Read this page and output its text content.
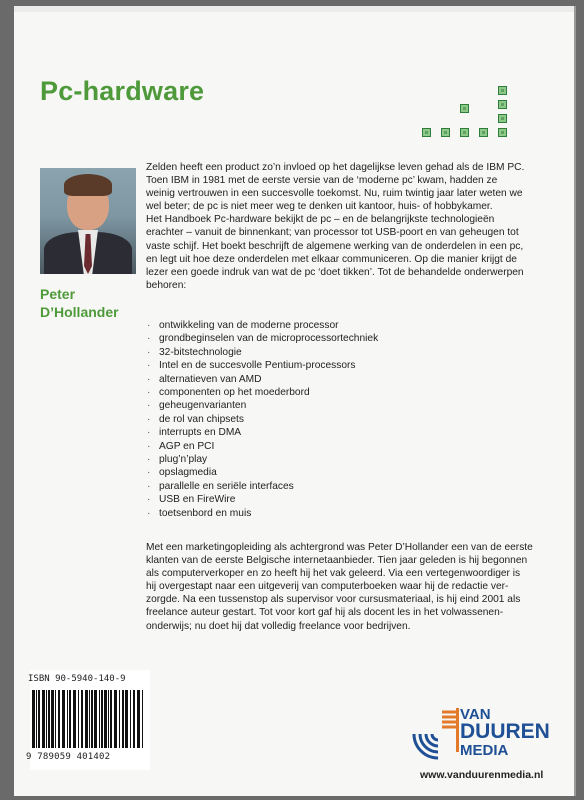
Pc-hardware
Peter
D’Hollander
Zelden heeft een product zo’n invloed op het dagelijkse leven gehad als de IBM PC.
Toen IBM in 1981 met de eerste versie van de ‘moderne pc’ kwam, hadden ze
weinig vertrouwen in een succesvolle toekomst. Nu, ruim twintig jaar later weten we
wel beter; de pc is niet meer weg te denken uit kantoor, huis- of hobbykamer.
Het Handboek Pc-hardware bekijkt de pc – en de belangrijkste technologieën
erachter – vanuit de binnenkant; van processor tot USB-poort en van geheugen tot
vaste schijf. Het boekt beschrijft de algemene werking van de onderdelen in een pc,
en legt uit hoe deze onderdelen met elkaar communiceren. Op die manier krijgt de
lezer een goede indruk van wat de pc ‘doet tikken’. Tot de behandelde onderwerpen
behoren:
· ontwikkeling van de moderne processor
· grondbeginselen van de microprocessortechniek
· 32-bitstechnologie
· Intel en de succesvolle Pentium-processors
· alternatieven van AMD
· componenten op het moederbord
· geheugenvarianten
· de rol van chipsets
· interrupts en DMA
· AGP en PCI
· plug’n’play
· opslagmedia
· parallelle en seriële interfaces
· USB en FireWire
· toetsenbord en muis
Met een marketingopleiding als achtergrond was Peter D’Hollander een van de eerste
klanten van de eerste Belgische internetaanbieder. Tien jaar geleden is hij begonnen
als computerverkoper en zo heeft hij het vak geleerd. Via een vertegenwoordiger is
hij overgestapt naar een uitgeverij van computerboeken waar hij de redactie ver-
zorgde. Na een tussenstop als supervisor voor cursusmateriaal, is hij eind 2001 als
freelance auteur gestart. Tot voor kort gaf hij als docent les in het volwassenen-
onderwijs; nu doet hij dat volledig freelance voor bedrijven.
ISBN 90-5940-140-9
9 789059 401402
VAN
DUUREN
MEDIA
www.vanduurenmedia.nl
